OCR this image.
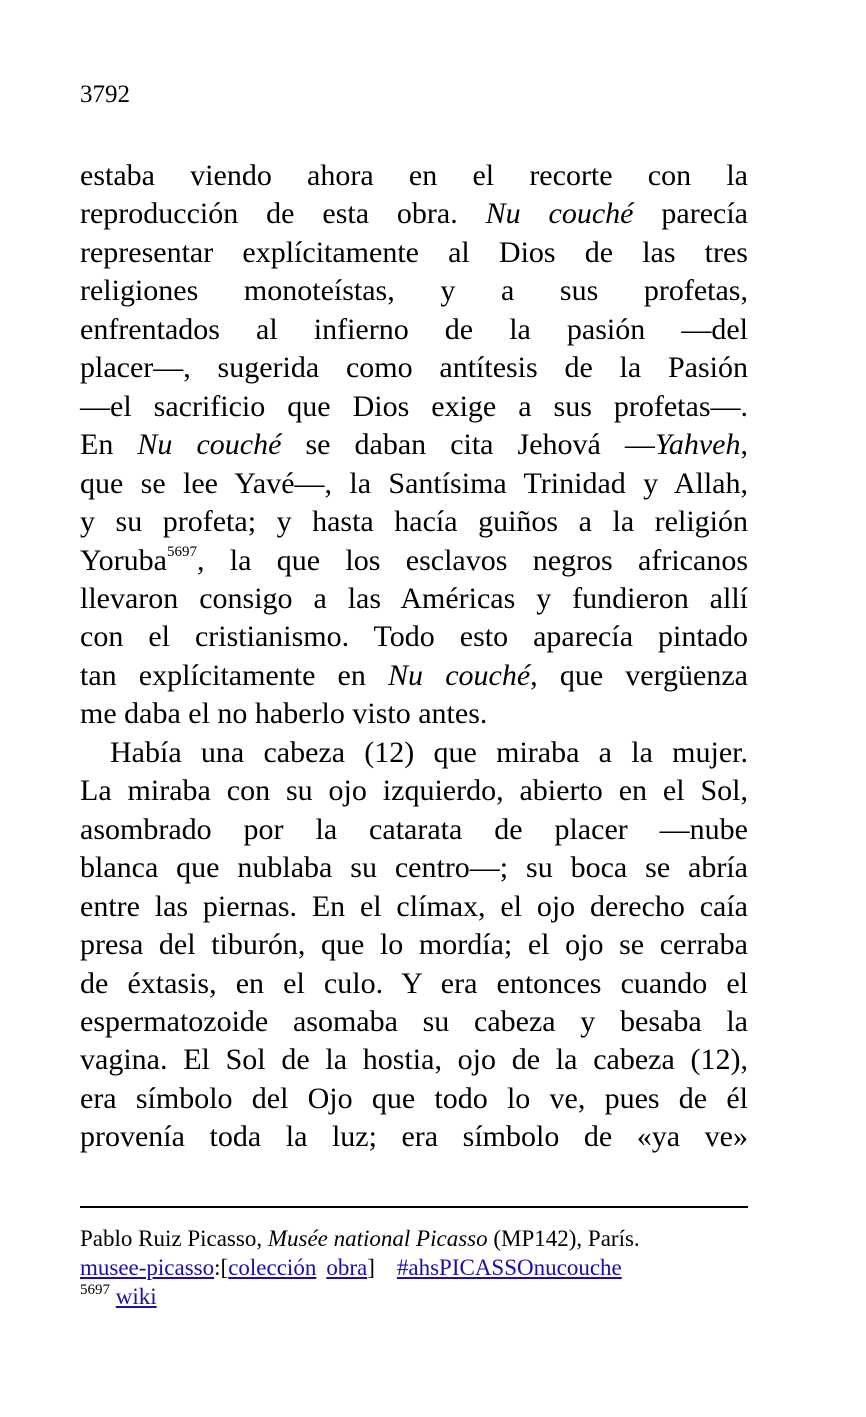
3792
estaba viendo ahora en el recorte con la
reproducción de esta obra. Nu couché parecía
representar explícitamente al Dios de las tres
religiones monoteístas, y a sus profetas,
enfrentados al infierno de la pasión —del
placer—, sugerida como antítesis de la Pasión
—el sacrificio que Dios exige a sus profetas—.
En Nu couché se daban cita Jehová —Yahveh,
que se lee Yavé—, la Santísima Trinidad y Allah,
y su profeta; y hasta hacía guiños a la religión
Yoruba$^{5697}$, la que los esclavos negros africanos
llevaron consigo a las Américas y fundieron allí
con el cristianismo. Todo esto aparecía pintado
tan explícitamente en Nu couché, que vergüenza
me daba el no haberlo visto antes.
Había una cabeza (12) que miraba a la mujer.
La miraba con su ojo izquierdo, abierto en el Sol,
asombrado por la catarata de placer —nube
blanca que nublaba su centro—; su boca se abría
entre las piernas. En el clímax, el ojo derecho caía
presa del tiburón, que lo mordía; el ojo se cerraba
de éxtasis, en el culo. Y era entonces cuando el
espermatozoide asomaba su cabeza y besaba la
vagina. El Sol de la hostia, ojo de la cabeza (12),
era símbolo del Ojo que todo lo ve, pues de él
provenía toda la luz; era símbolo de «ya ve»
Pablo Ruiz Picasso, Musée national Picasso (MP142), París.
musee-picasso:[colección obra] #ahsPICASSOnucouche
$^{5697}$ wiki
